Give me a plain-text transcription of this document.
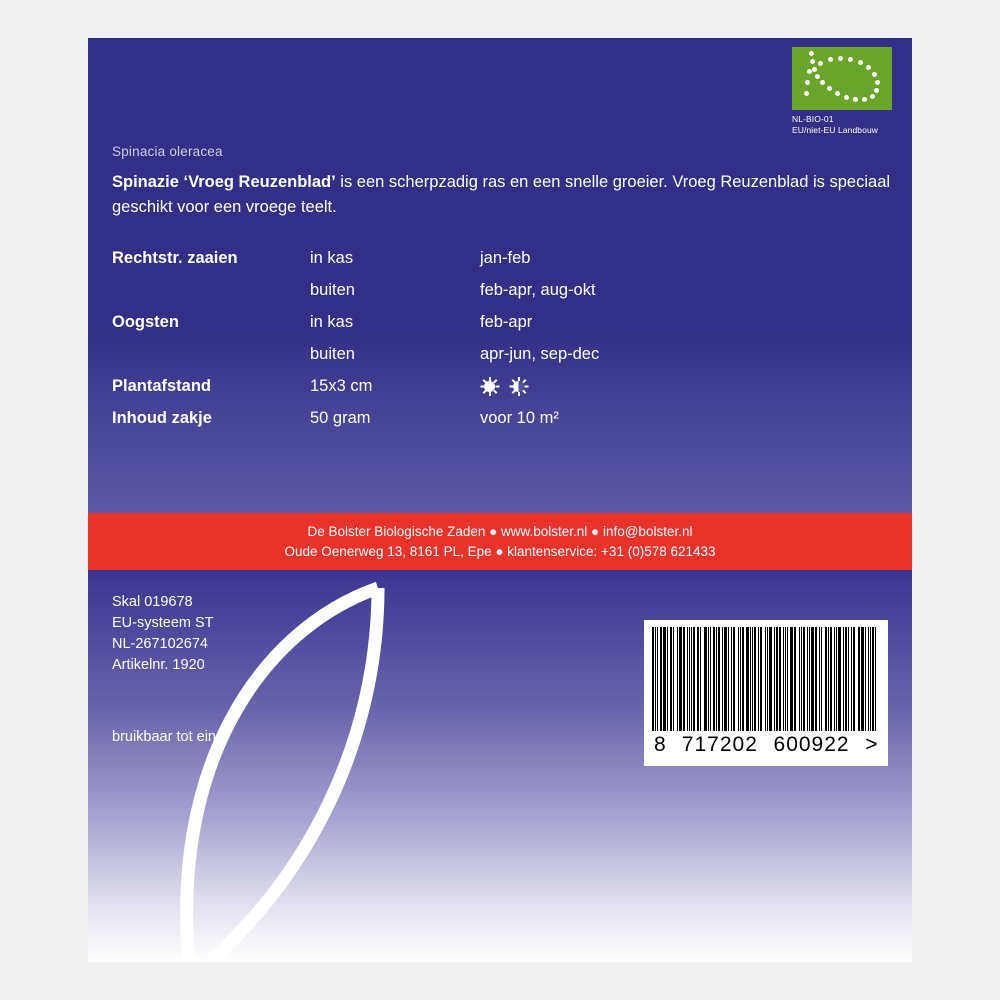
NL-BIO-01
EU/niet-EU Landbouw
Spinacia oleracea
Spinazie ‘Vroeg Reuzenblad’ is een scherpzadig ras en een snelle groeier. Vroeg Reuzenblad is speciaal geschikt voor een vroege teelt.
Rechtstr. zaaien	in kas	jan-feb
	buiten	feb-apr, aug-okt
Oogsten	in kas	feb-apr
	buiten	apr-jun, sep-dec
Plantafstand	15x3 cm	

Inhoud zakje	50 gram	voor 10 m²
De Bolster Biologische Zaden ● www.bolster.nl ● info@bolster.nl
Oude Oenerweg 13, 8161 PL, Epe ● klantenservice: +31 (0)578 621433
Skal 019678
EU-systeem ST
NL-267102674
Artikelnr. 1920
bruikbaar tot eind:	8 717202 600922 >
